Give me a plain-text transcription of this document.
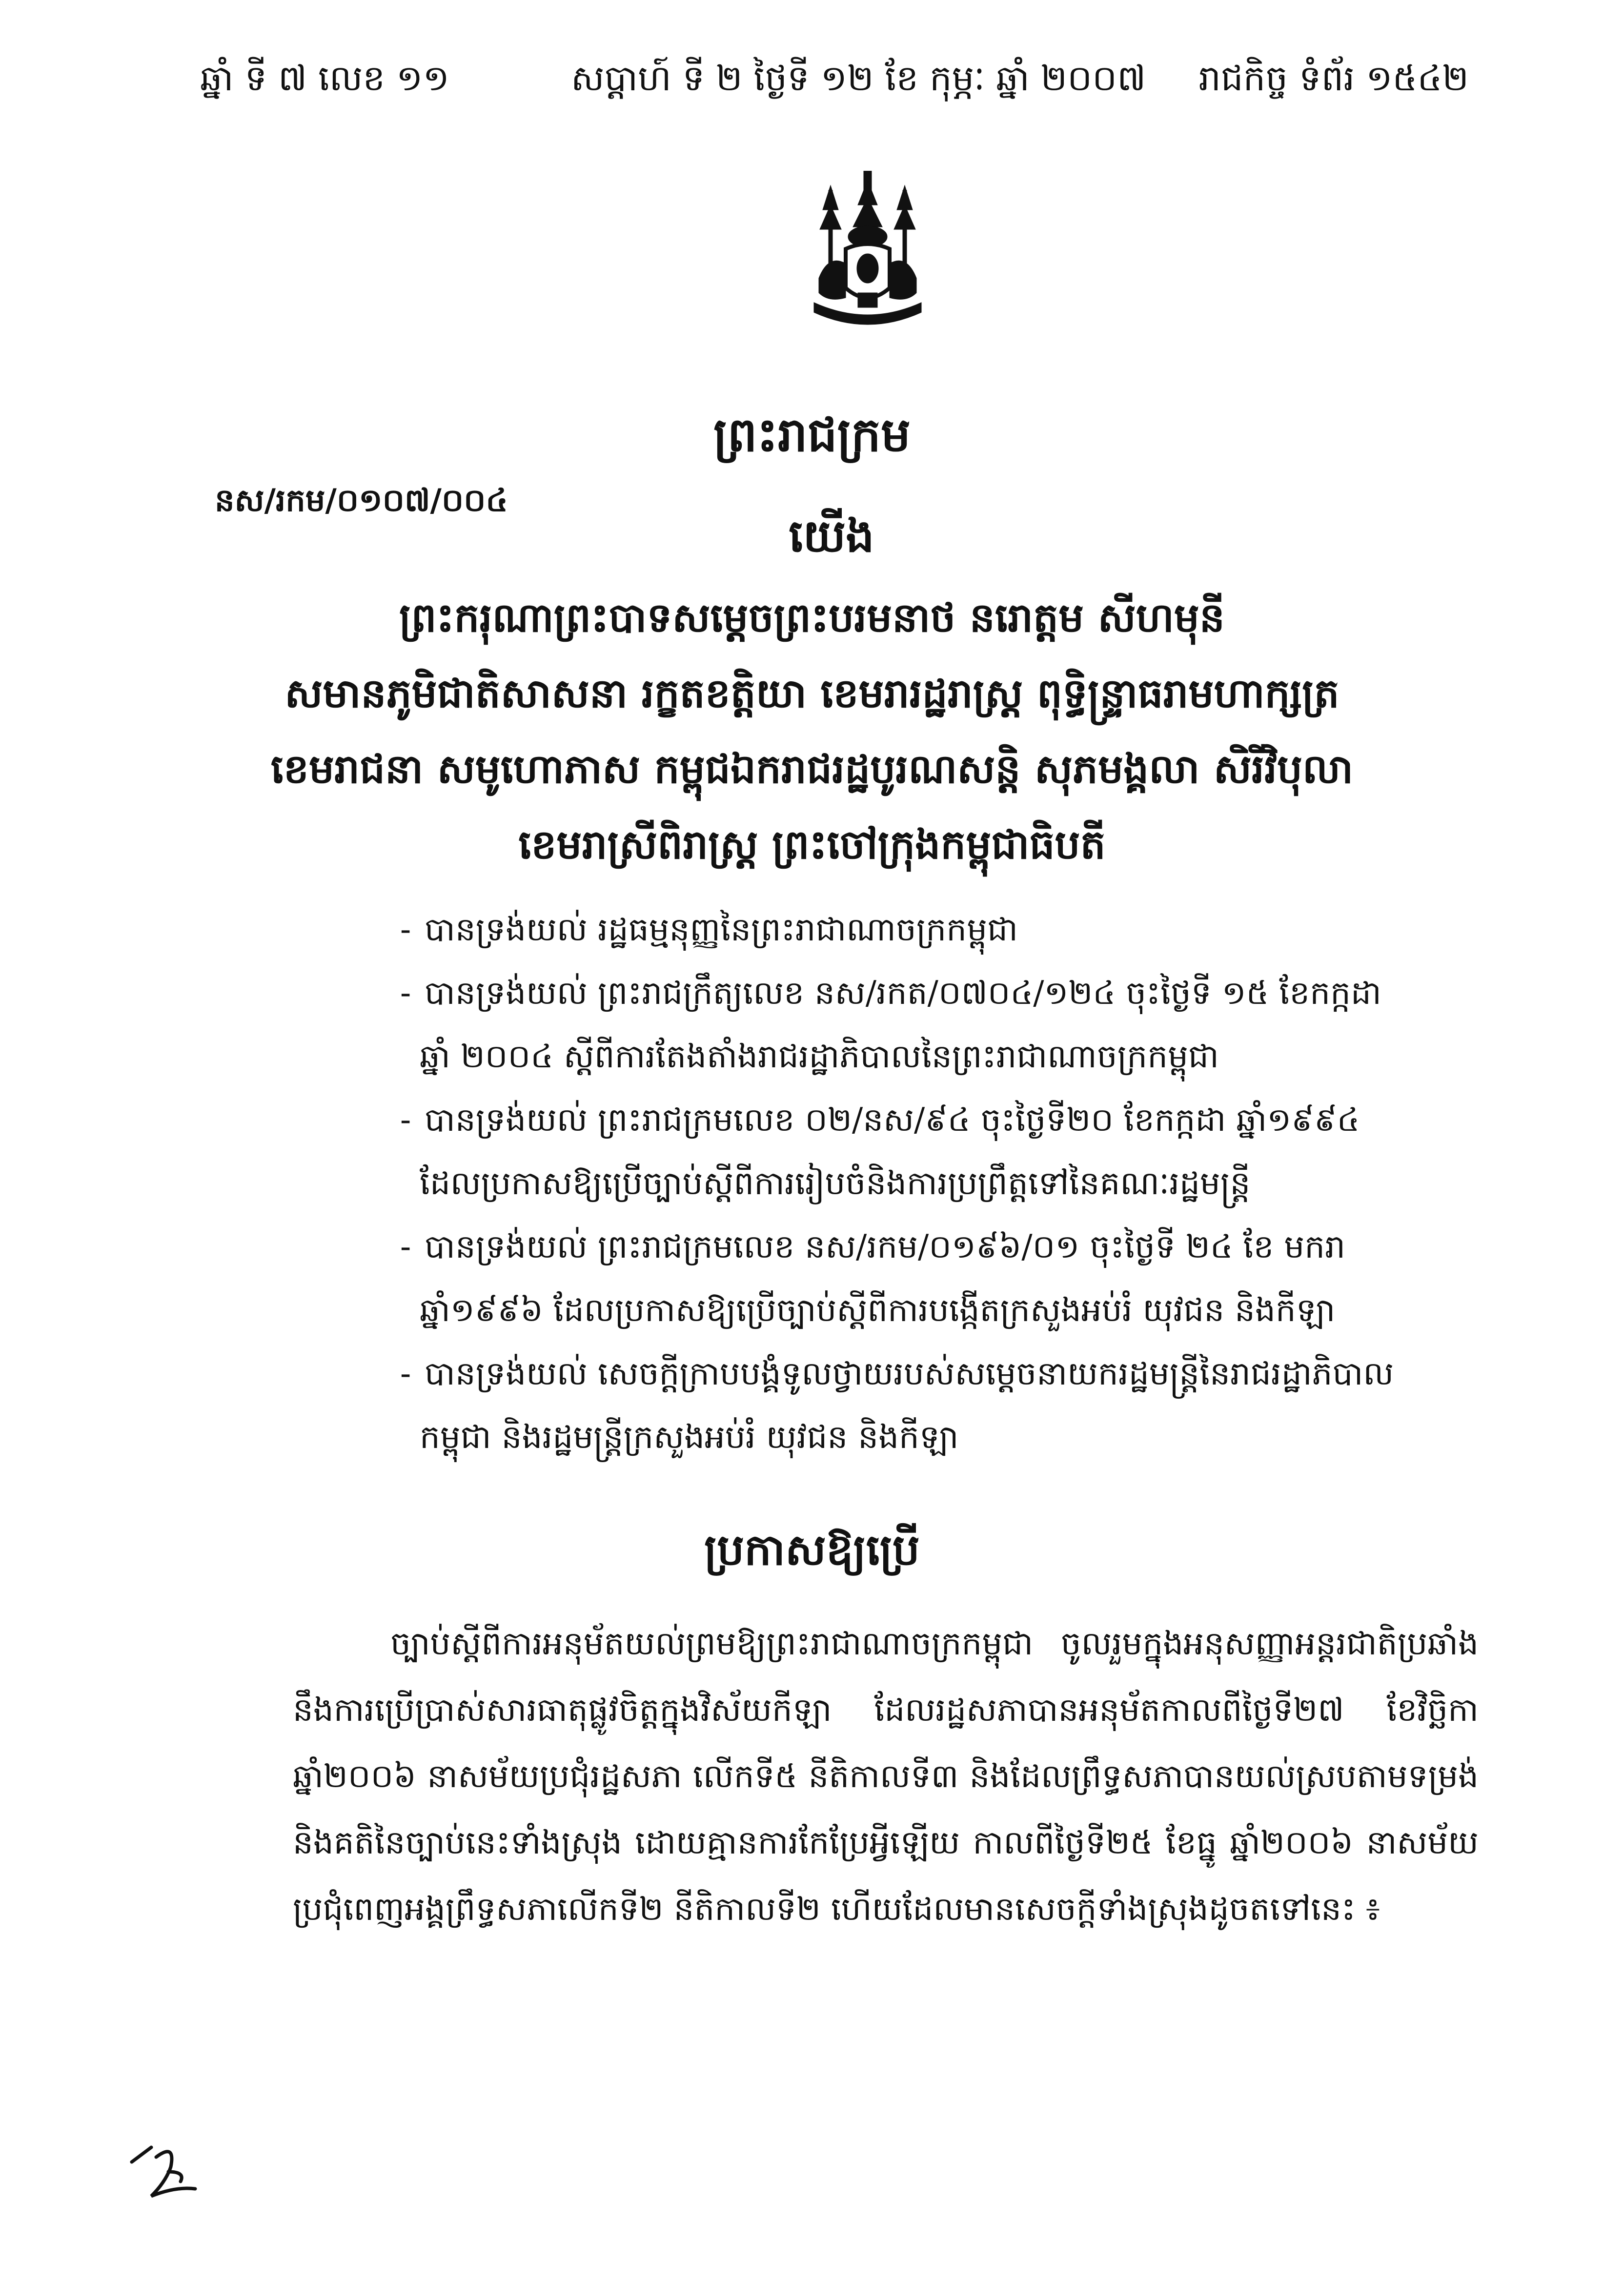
ឆ្នាំ ទី ៧ លេខ ១១	សប្តាហ៍ ទី ២ ថ្ងៃទី ១២ ខែ កុម្ភៈ ឆ្នាំ ២០០៧ រាជកិច្ច ទំព័រ ១៥៤២
ព្រះរាជក្រម
នស/រកម/០១០៧/០០៤
យើង
ព្រះករុណាព្រះបាទសម្តេចព្រះបរមនាថ នរោត្តម សីហមុនី
សមានភូមិជាតិសាសនា រក្ខតខត្តិយា ខេមរារដ្ឋរាស្ត្រ ពុទ្ធិន្ទ្រាធរាមហាក្សត្រ
ខេមរាជនា សមូហោភាស កម្ពុជឯករាជរដ្ឋបូរណសន្តិ សុភមង្គលា សិរីវិបុលា
ខេមរាស្រីពិរាស្ត្រ ព្រះចៅក្រុងកម្ពុជាធិបតី
- បានទ្រង់យល់ រដ្ឋធម្មនុញ្ញនៃព្រះរាជាណាចក្រកម្ពុជា
- បានទ្រង់យល់ ព្រះរាជក្រឹត្យលេខ នស/រកត/០៧០៤/១២៤ ចុះថ្ងៃទី ១៥ ខែកក្កដា
ឆ្នាំ ២០០៤ ស្តីពីការតែងតាំងរាជរដ្ឋាភិបាលនៃព្រះរាជាណាចក្រកម្ពុជា
- បានទ្រង់យល់ ព្រះរាជក្រមលេខ ០២/នស/៩៤ ចុះថ្ងៃទី២០ ខែកក្កដា ឆ្នាំ១៩៩៤
ដែលប្រកាសឱ្យប្រើច្បាប់ស្តីពីការរៀបចំនិងការប្រព្រឹត្តទៅនៃគណៈរដ្ឋមន្ត្រី
- បានទ្រង់យល់ ព្រះរាជក្រមលេខ នស/រកម/០១៩៦/០១ ចុះថ្ងៃទី ២៤ ខែ មករា
ឆ្នាំ១៩៩៦ ដែលប្រកាសឱ្យប្រើច្បាប់ស្តីពីការបង្កើតក្រសួងអប់រំ យុវជន និងកីឡា
- បានទ្រង់យល់ សេចក្តីក្រាបបង្គំទូលថ្វាយរបស់សម្តេចនាយករដ្ឋមន្ត្រីនៃរាជរដ្ឋាភិបាល
កម្ពុជា និងរដ្ឋមន្ត្រីក្រសួងអប់រំ យុវជន និងកីឡា
ប្រកាសឱ្យប្រើ

ច្បាប់ស្តីពីការអនុម័តយល់ព្រមឱ្យព្រះរាជាណាចក្រកម្ពុជា ចូលរួមក្នុងអនុសញ្ញាអន្តរជាតិប្រឆាំងនឹងការប្រើប្រាស់សារធាតុផ្លូវចិត្តក្នុងវិស័យកីឡា ដែលរដ្ឋសភាបានអនុម័តកាលពីថ្ងៃទី២៧ ខែវិច្ឆិកា ឆ្នាំ២០០៦ នាសម័យប្រជុំរដ្ឋសភា លើកទី៥ នីតិកាលទី៣ និងដែលព្រឹទ្ធសភាបានយល់ស្របតាមទម្រង់និងគតិនៃច្បាប់នេះទាំងស្រុង ដោយគ្មានការកែប្រែអ្វីឡើយ កាលពីថ្ងៃទី២៥ ខែធ្នូ ឆ្នាំ២០០៦ នាសម័យប្រជុំពេញអង្គព្រឹទ្ធសភាលើកទី២ នីតិកាលទី២ ហើយដែលមានសេចក្តីទាំងស្រុងដូចតទៅនេះ ៖
